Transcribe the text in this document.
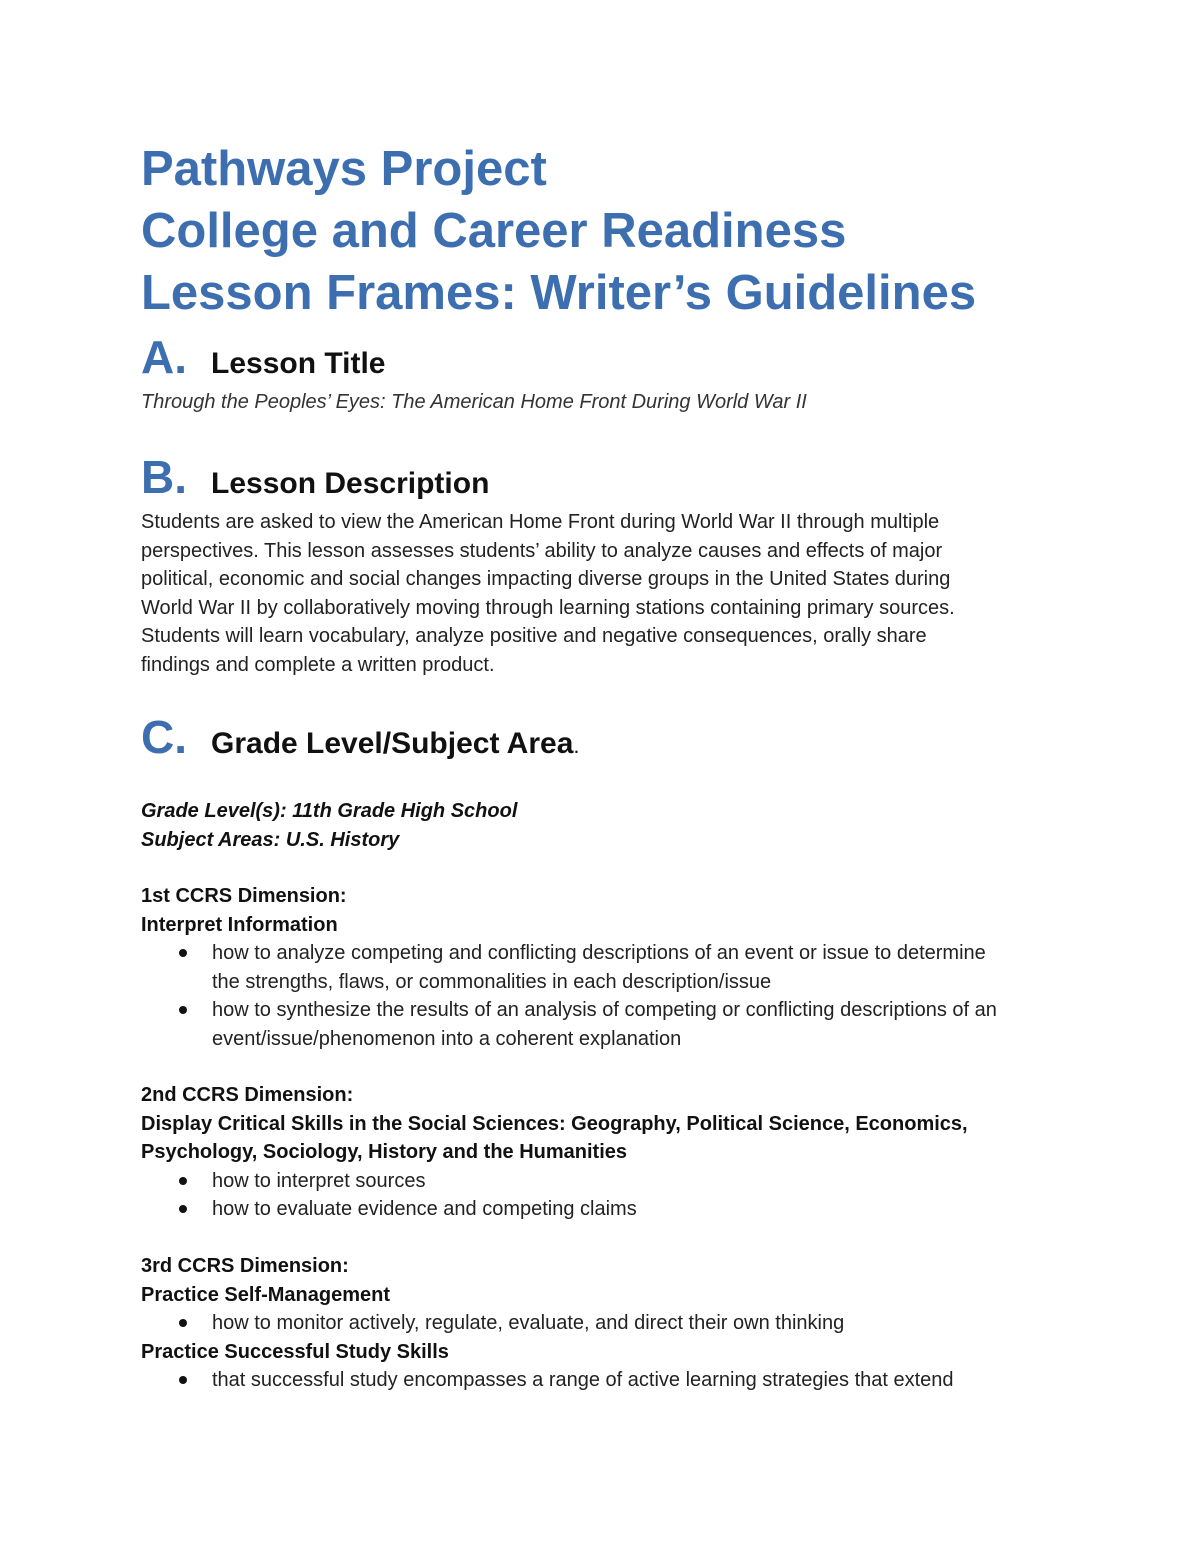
Pathways Project
College and Career Readiness
Lesson Frames: Writer’s Guidelines
A. Lesson Title
Through the Peoples’ Eyes: The American Home Front During World War II
B. Lesson Description

Students are asked to view the American Home Front during World War II through multiple

perspectives. This lesson assesses students’ ability to analyze causes and effects of major

political, economic and social changes impacting diverse groups in the United States during

World War II by collaboratively moving through learning stations containing primary sources.

Students will learn vocabulary, analyze positive and negative consequences, orally share

findings and complete a written product.

C. Grade Level/Subject Area.

Grade Level(s): 11th Grade High School

Subject Areas: U.S. History

1st CCRS Dimension:

Interpret Information

how to analyze competing and conflicting descriptions of an event or issue to determine
the strengths, flaws, or commonalities in each description/issue
how to synthesize the results of an analysis of competing or conflicting descriptions of an
event/issue/phenomenon into a coherent explanation

2nd CCRS Dimension:

Display Critical Skills in the Social Sciences: Geography, Political Science, Economics,

Psychology, Sociology, History and the Humanities

how to interpret sources
how to evaluate evidence and competing claims

3rd CCRS Dimension:

Practice Self-Management

how to monitor actively, regulate, evaluate, and direct their own thinking

Practice Successful Study Skills

that successful study encompasses a range of active learning strategies that extend
